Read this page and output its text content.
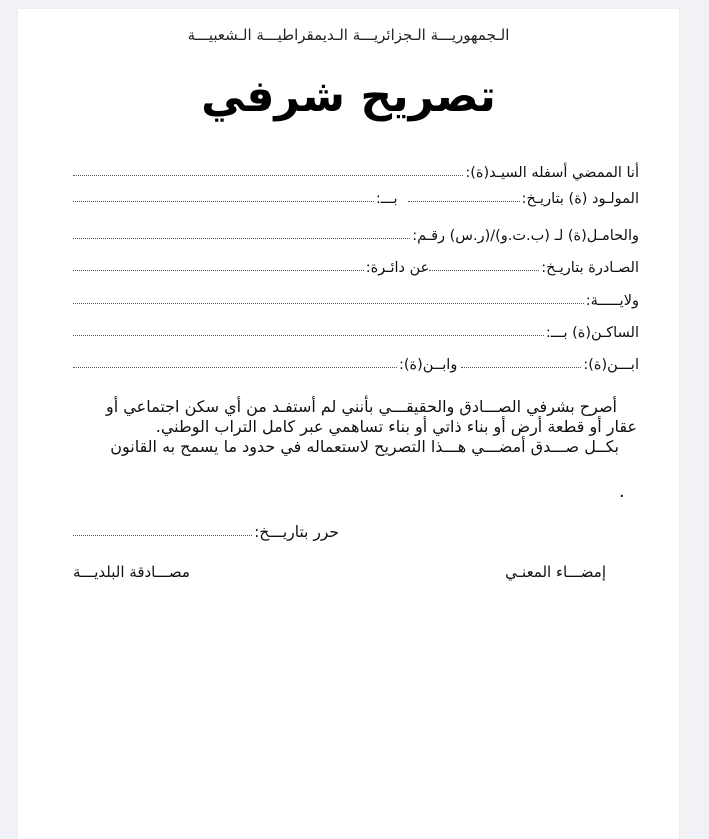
الـجمهوريـــة الـجزائريـــة الـديمقراطيـــة الـشعبيـــة
تصريح شرفي
أنا الممضي أسفله السيـد(ة):
المولـود (ة) بتاريـخ:
بـــ:
والحامـل(ة) لـ (ب.ت.و)/(ر.س) رقـم:
الصـادرة بتاريـخ:
عن دائـرة:
ولايـــــة:
الساكـن(ة) بـــ:
ابـــن(ة):
وابــن(ة):

أصرح بشرفي الصـــادق والحقيقـــي بأنني لم أستفـد من أي سكن اجتماعي أو

عقار أو قطعة أرض أو بناء ذاتي أو بناء تساهمي عبر كامل التراب الوطني.

بكــل صـــدق أمضـــي هـــذا التصريح لاستعماله في حدود ما يسمح به القانون

.
حرر بتاريـــخ:
إمضـــاء المعنـي
مصـــادقة البلديـــة
